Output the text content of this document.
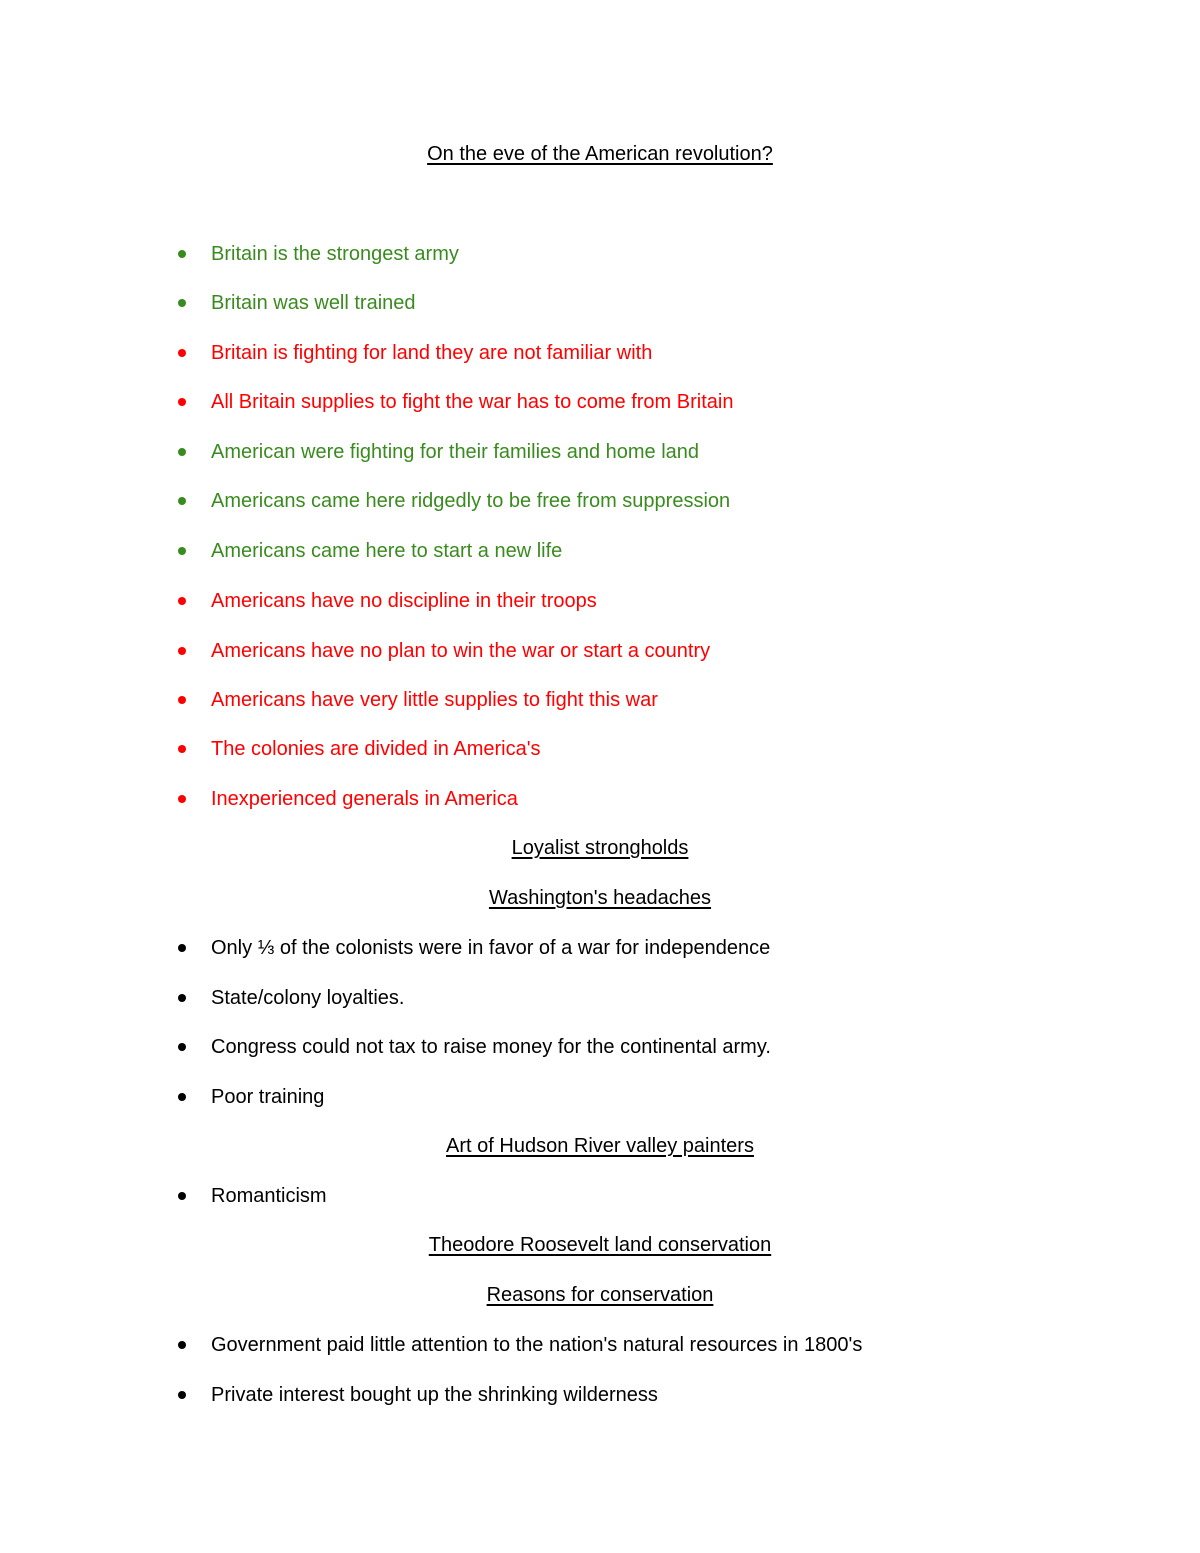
On the eve of the American revolution?
Britain is the strongest army
Britain was well trained
Britain is fighting for land they are not familiar with
All Britain supplies to fight the war has to come from Britain
American were fighting for their families and home land
Americans came here ridgedly to be free from suppression
Americans came here to start a new life
Americans have no discipline in their troops
Americans have no plan to win the war or start a country
Americans have very little supplies to fight this war
The colonies are divided in America's
Inexperienced generals in America
Loyalist strongholds
Washington's headaches
Only ⅓ of the colonists were in favor of a war for independence
State/colony loyalties.
Congress could not tax to raise money for the continental army.
Poor training
Art of Hudson River valley painters
Romanticism
Theodore Roosevelt land conservation
Reasons for conservation
Government paid little attention to the nation's natural resources in 1800's
Private interest bought up the shrinking wilderness
